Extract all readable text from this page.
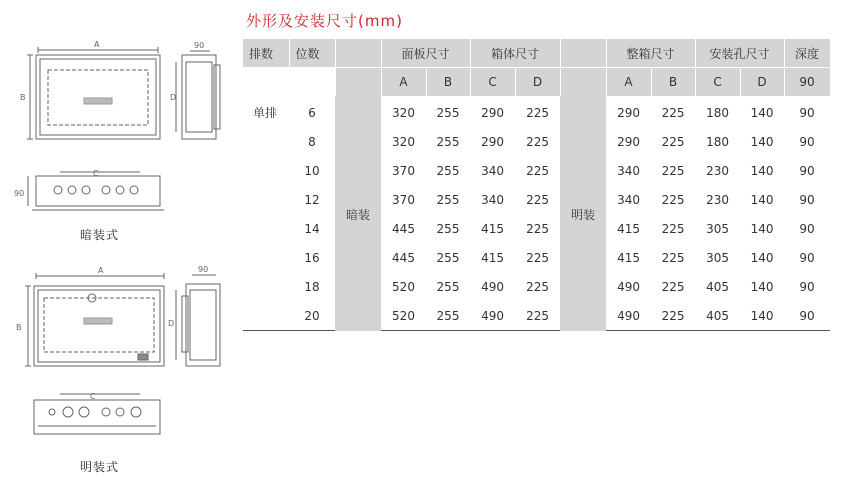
A
B
90
D
C
90
A
B
90
D
C
暗装式
明装式
外形及安装尺寸(mm)
排数	位数		面板尺寸		箱体尺寸			整箱尺寸		安装孔尺寸		深度
			A	B	C	D		A	B	C	D	90
单排	6	暗装	320	255	290	225	明装	290	225	180	140	90
	8		320	255	290	225		290	225	180	140	90
	10		370	255	340	225		340	225	230	140	90
	12		370	255	340	225		340	225	230	140	90
	14		445	255	415	225		415	225	305	140	90
	16		445	255	415	225		415	225	305	140	90
	18		520	255	490	225		490	225	405	140	90
	20		520	255	490	225		490	225	405	140	90
